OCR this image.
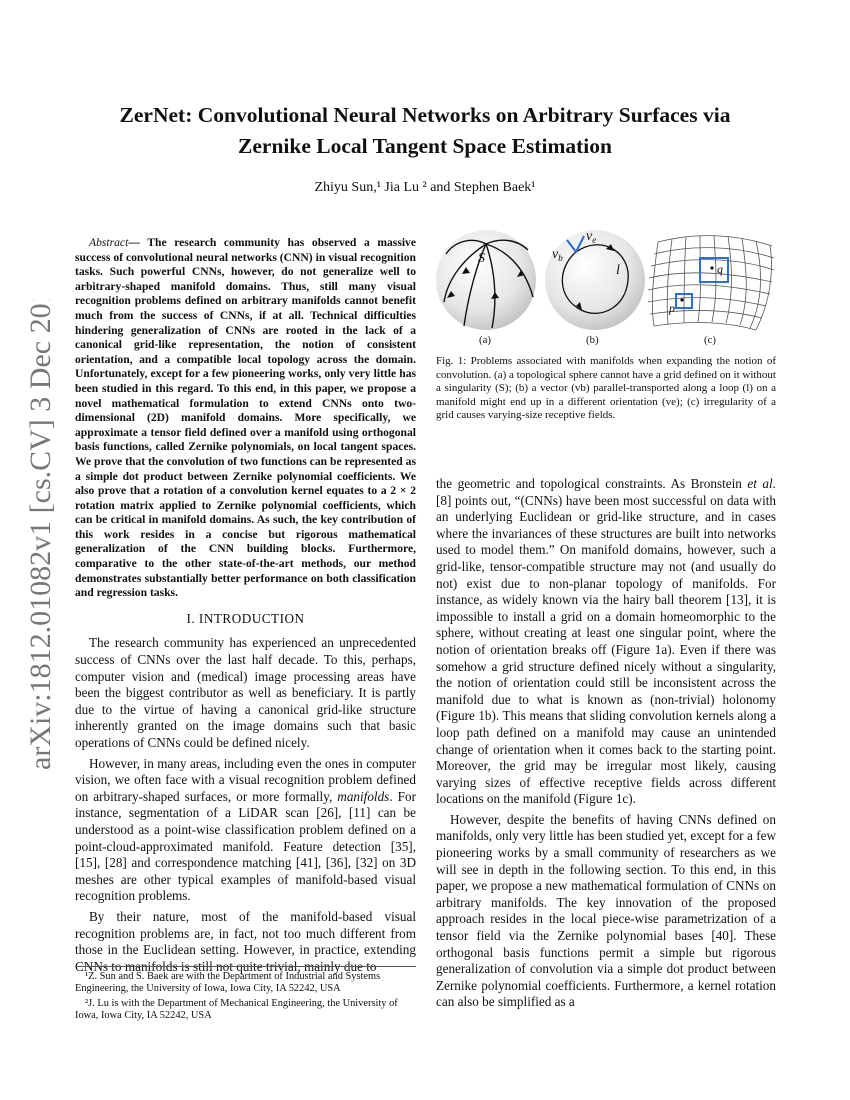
arXiv:1812.01082v1 [cs.CV] 3 Dec 2018
ZerNet: Convolutional Neural Networks on Arbitrary Surfaces via
Zernike Local Tangent Space Estimation
Zhiyu Sun,¹ Jia Lu ² and Stephen Baek¹
Abstract— The research community has observed a massive success of convolutional neural networks (CNN) in visual recognition tasks. Such powerful CNNs, however, do not generalize well to arbitrary-shaped manifold domains. Thus, still many visual recognition problems defined on arbitrary manifolds cannot benefit much from the success of CNNs, if at all. Technical difficulties hindering generalization of CNNs are rooted in the lack of a canonical grid-like representation, the notion of consistent orientation, and a compatible local topology across the domain. Unfortunately, except for a few pioneering works, only very little has been studied in this regard. To this end, in this paper, we propose a novel mathematical formulation to extend CNNs onto two-dimensional (2D) manifold domains. More specifically, we approximate a tensor field defined over a manifold using orthogonal basis functions, called Zernike polynomials, on local tangent spaces. We prove that the convolution of two functions can be represented as a simple dot product between Zernike polynomial coefficients. We also prove that a rotation of a convolution kernel equates to a 2 × 2 rotation matrix applied to Zernike polynomial coefficients, which can be critical in manifold domains. As such, the key contribution of this work resides in a concise but rigorous mathematical generalization of the CNN building blocks. Furthermore, comparative to the other state-of-the-art methods, our method demonstrates substantially better performance on both classification and regression tasks.
I. INTRODUCTION

The research community has experienced an unprecedented success of CNNs over the last half decade. To this, perhaps, computer vision and (medical) image processing areas have been the biggest contributor as well as beneficiary. It is partly due to the virtue of having a canonical grid-like structure inherently granted on the image domains such that basic operations of CNNs could be defined nicely.

However, in many areas, including even the ones in computer vision, we often face with a visual recognition problem defined on arbitrary-shaped surfaces, or more formally, manifolds. For instance, segmentation of a LiDAR scan [26], [11] can be understood as a point-wise classification problem defined on a point-cloud-approximated manifold. Feature detection [35], [15], [28] and correspondence matching [41], [36], [32] on 3D meshes are other typical examples of manifold-based visual recognition problems.

By their nature, most of the manifold-based visual recognition problems are, in fact, not too much different from those in the Euclidean setting. However, in practice, extending CNNs to manifolds is still not quite trivial, mainly due to

¹Z. Sun and S. Baek are with the Department of Industrial and Systems Engineering, the University of Iowa, Iowa City, IA 52242, USA
²J. Lu is with the Department of Mechanical Engineering, the University of Iowa, Iowa City, IA 52242, USA
S
$v_e$
$v_b$
l	q
p
(a)	(b)	(c)
Fig. 1: Problems associated with manifolds when expanding the notion of convolution. (a) a topological sphere cannot have a grid defined on it without a singularity (S); (b) a vector (vb) parallel-transported along a loop (l) on a manifold might end up in a different orientation (ve); (c) irregularity of a grid causes varying-size receptive fields.

the geometric and topological constraints. As Bronstein et al. [8] points out, “(CNNs) have been most successful on data with an underlying Euclidean or grid-like structure, and in cases where the invariances of these structures are built into networks used to model them.” On manifold domains, however, such a grid-like, tensor-compatible structure may not (and usually do not) exist due to non-planar topology of manifolds. For instance, as widely known via the hairy ball theorem [13], it is impossible to install a grid on a domain homeomorphic to the sphere, without creating at least one singular point, where the notion of orientation breaks off (Figure 1a). Even if there was somehow a grid structure defined nicely without a singularity, the notion of orientation could still be inconsistent across the manifold due to what is known as (non-trivial) holonomy (Figure 1b). This means that sliding convolution kernels along a loop path defined on a manifold may cause an unintended change of orientation when it comes back to the starting point. Moreover, the grid may be irregular most likely, causing varying sizes of effective receptive fields across different locations on the manifold (Figure 1c).

However, despite the benefits of having CNNs defined on manifolds, only very little has been studied yet, except for a few pioneering works by a small community of researchers as we will see in depth in the following section. To this end, in this paper, we propose a new mathematical formulation of CNNs on arbitrary manifolds. The key innovation of the proposed approach resides in the local piece-wise parametrization of a tensor field via the Zernike polynomial bases [40]. These orthogonal basis functions permit a simple but rigorous generalization of convolution via a simple dot product between Zernike polynomial coefficients. Furthermore, a kernel rotation can also be simplified as a
